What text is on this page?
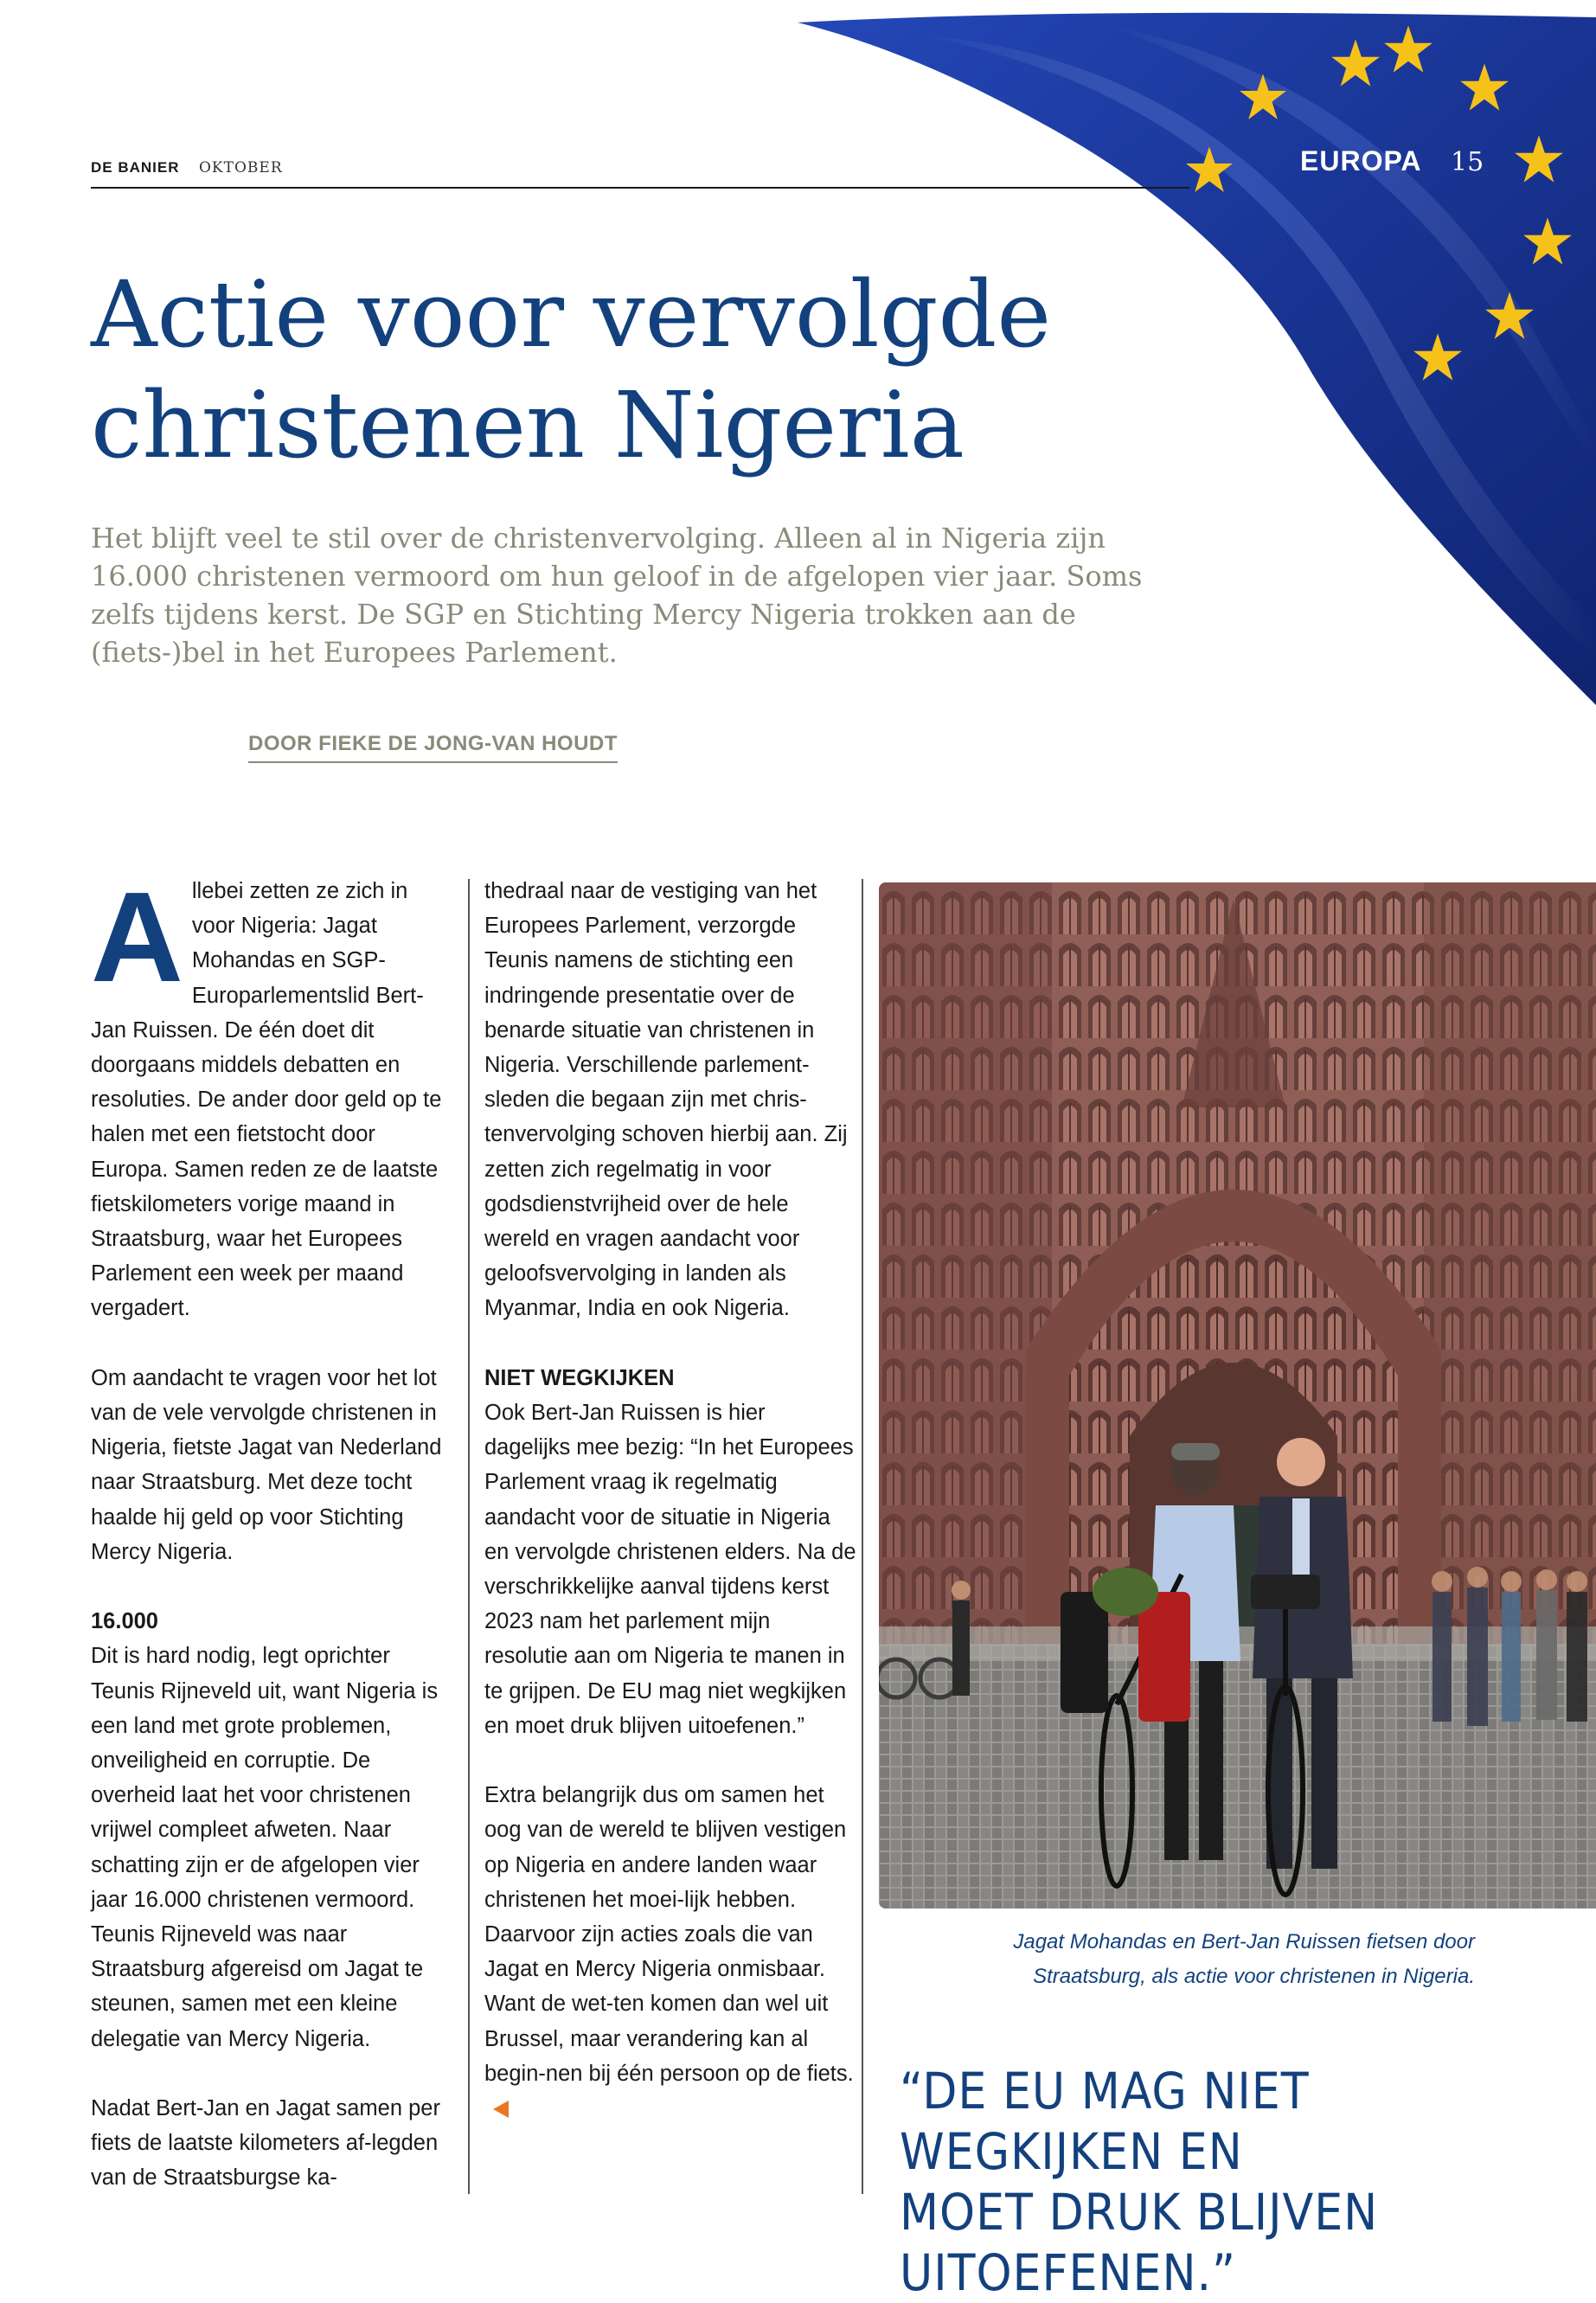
DE BANIER OKTOBER	EUROPA 15
Actie voor vervolgde
christenen Nigeria

Het blijft veel te stil over de christenvervolging. Alleen al in Nigeria zijn 16.000 christenen vermoord om hun geloof in de afgelopen vier jaar. Soms zelfs tijdens kerst. De SGP en Stichting Mercy Nigeria trokken aan de (fiets-)bel in het Europees Parlement.

DOOR FIEKE DE JONG-VAN HOUDT

Allebei zetten ze zich in voor Nigeria: Jagat Mohandas en SGP-Europarlementslid Bert-Jan Ruissen. De één doet dit doorgaans middels debatten en resoluties. De ander door geld op te halen met een fietstocht door Europa. Samen reden ze de laatste fietskilometers vorige maand in Straatsburg, waar het Europees Parlement een week per maand vergadert.

Om aandacht te vragen voor het lot van de vele vervolgde christenen in Nigeria, fietste Jagat van Nederland naar Straatsburg. Met deze tocht haalde hij geld op voor Stichting Mercy Nigeria.

16.000

Dit is hard nodig, legt oprichter Teunis Rijneveld uit, want Nigeria is een land met grote problemen, onveiligheid en corruptie. De overheid laat het voor christenen vrijwel compleet afweten. Naar schatting zijn er de afgelopen vier jaar 16.000 christenen vermoord. Teunis Rijneveld was naar Straatsburg afgereisd om Jagat te steunen, samen met een kleine delegatie van Mercy Nigeria.

Nadat Bert-Jan en Jagat samen per fiets de laatste kilometers af-legden van de Straatsburgse ka-

thedraal naar de vestiging van het Europees Parlement, verzorgde Teunis namens de stichting een indringende presentatie over de benarde situatie van christenen in Nigeria. Verschillende parlement-sleden die begaan zijn met chris-tenvervolging schoven hierbij aan. Zij zetten zich regelmatig in voor godsdienstvrijheid over de hele wereld en vragen aandacht voor geloofsvervolging in landen als Myanmar, India en ook Nigeria.

NIET WEGKIJKEN

Ook Bert-Jan Ruissen is hier dagelijks mee bezig: “In het Europees Parlement vraag ik regelmatig aandacht voor de situatie in Nigeria en vervolgde christenen elders. Na de verschrikkelijke aanval tijdens kerst 2023 nam het parlement mijn resolutie aan om Nigeria te manen in te grijpen. De EU mag niet wegkijken en moet druk blijven uitoefenen.”

Extra belangrijk dus om samen het oog van de wereld te blijven vestigen op Nigeria en andere landen waar christenen het moei-lijk hebben. Daarvoor zijn acties zoals die van Jagat en Mercy Nigeria onmisbaar. Want de wet-ten komen dan wel uit Brussel, maar verandering kan al begin-nen bij één persoon op de fiets.

Jagat Mohandas en Bert-Jan Ruissen fietsen door Straatsburg, als actie voor christenen in Nigeria.

“DE EU MAG NIET WEGKIJKEN EN
MOET DRUK BLIJVEN UITOEFENEN.”
